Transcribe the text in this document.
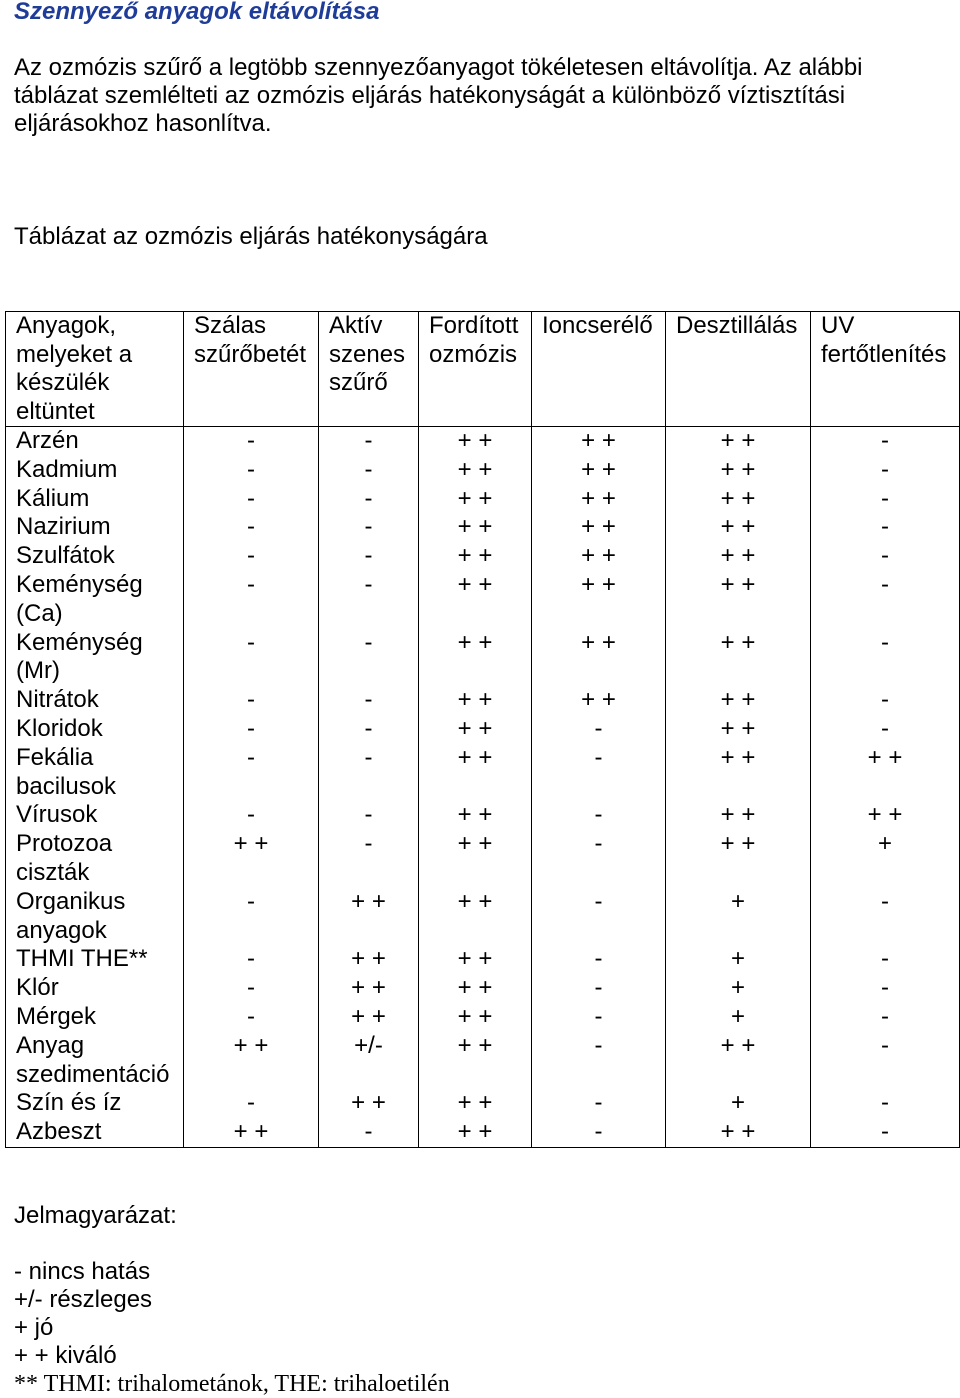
Szennyező anyagok eltávolítása

Az ozmózis szűrő a legtöbb szennyezőanyagot tökéletesen eltávolítja. Az alábbi táblázat szemlélteti az ozmózis eljárás hatékonyságát a különböző víztisztítási eljárásokhoz hasonlítva.

Táblázat az ozmózis eljárás hatékonyságára

Anyagok, melyeket a készülék eltüntet	Szálas szűrőbetét	Aktív szenes szűrő	Fordított ozmózis	Ioncserélő	Desztillálás	UV fertőtlenítés
Arzén	-	-	+ +	+ +	+ +	-
Kadmium	-	-	+ +	+ +	+ +	-
Kálium	-	-	+ +	+ +	+ +	-
Nazirium	-	-	+ +	+ +	+ +	-
Szulfátok	-	-	+ +	+ +	+ +	-
Keménység (Ca)	-	-	+ +	+ +	+ +	-
Keménység (Mr)	-	-	+ +	+ +	+ +	-
Nitrátok	-	-	+ +	+ +	+ +	-
Kloridok	-	-	+ +	-	+ +	-
Fekália bacilusok	-	-	+ +	-	+ +	+ +
Vírusok	-	-	+ +	-	+ +	+ +
Protozoa ciszták	+ +	-	+ +	-	+ +	+
Organikus anyagok	-	+ +	+ +	-	+	-
THMI THE**	-	+ +	+ +	-	+	-
Klór	-	+ +	+ +	-	+	-
Mérgek	-	+ +	+ +	-	+	-
Anyag szedimentáció	+ +	+/-	+ +	-	+ +	-
Szín és íz	-	+ +	+ +	-	+	-
Azbeszt	+ +	-	+ +	-	+ +	-
Jelmagyarázat:
- nincs hatás
+/- részleges
+ jó
+ + kiváló
** THMI: trihalometánok, THE: trihaloetilén
